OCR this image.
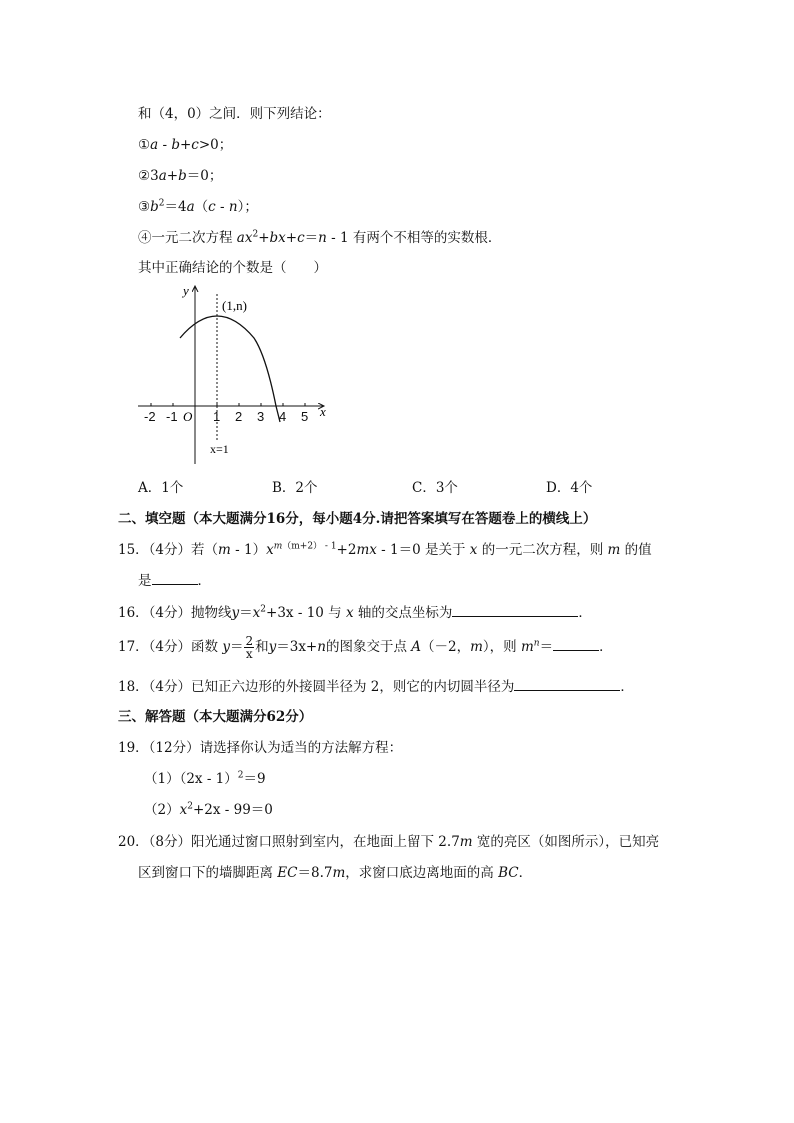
和（4，0）之间．则下列结论：
①a - b+c>0；
②3a+b＝0；
$③b^2=4a(c - n)$；
④一元二次方程 $ax^2+bx+c=n - 1$ 有两个不相等的实数根．
其中正确结论的个数是（　　）
y
x
(1,n)
x=1
O
-2 -1	1 2 3 4 5
A．1个	B．2个	C．3个	D．4个
二、填空题（本大题满分16分，每小题4分.请把答案填写在答题卷上的横线上）
15．（4分）若$(m - 1)x^{m(m+2) - 1}+2mx - 1=0$ 是关于 x 的一元二次方程，则 m 的值
是	．
16．（4分）抛物线$y=x^2+3x - 10$ 与 x 轴的交点坐标为	．
17．（4分）函数 $y= \frac{2}{x}$ 和y＝3x+n的图象交于点 A（－2，m），则 $m^n=$	．
18．（4分）已知正六边形的外接圆半径为 2，则它的内切圆半径为	．
三、解答题（本大题满分62分）
19．（12分）请选择你认为适当的方法解方程：
（1）（2x - 1）$^2$＝9
$(2)x^2+2x - 99=0$
20．（8分）阳光通过窗口照射到室内，在地面上留下 2.7m 宽的亮区（如图所示），已知亮
区到窗口下的墙脚距离 EC＝8.7m，求窗口底边离地面的高 BC．
